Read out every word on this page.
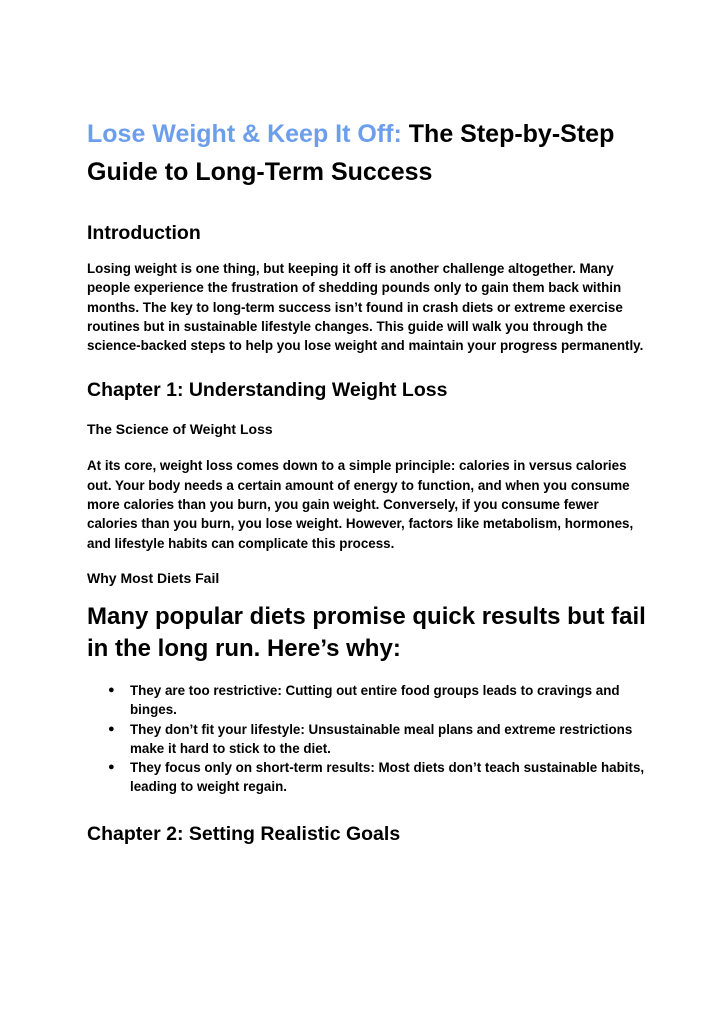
Lose Weight & Keep It Off: The Step-by-Step Guide to Long-Term Success
Introduction

Losing weight is one thing, but keeping it off is another challenge altogether. Many people experience the frustration of shedding pounds only to gain them back within months. The key to long-term success isn’t found in crash diets or extreme exercise routines but in sustainable lifestyle changes. This guide will walk you through the science-backed steps to help you lose weight and maintain your progress permanently.

Chapter 1: Understanding Weight Loss
The Science of Weight Loss

At its core, weight loss comes down to a simple principle: calories in versus calories out. Your body needs a certain amount of energy to function, and when you consume more calories than you burn, you gain weight. Conversely, if you consume fewer calories than you burn, you lose weight. However, factors like metabolism, hormones, and lifestyle habits can complicate this process.

Why Most Diets Fail

Many popular diets promise quick results but fail in the long run. Here’s why:

● They are too restrictive: Cutting out entire food groups leads to cravings and binges.
● They don’t fit your lifestyle: Unsustainable meal plans and extreme restrictions make it hard to stick to the diet.
● They focus only on short-term results: Most diets don’t teach sustainable habits, leading to weight regain.
Chapter 2: Setting Realistic Goals
